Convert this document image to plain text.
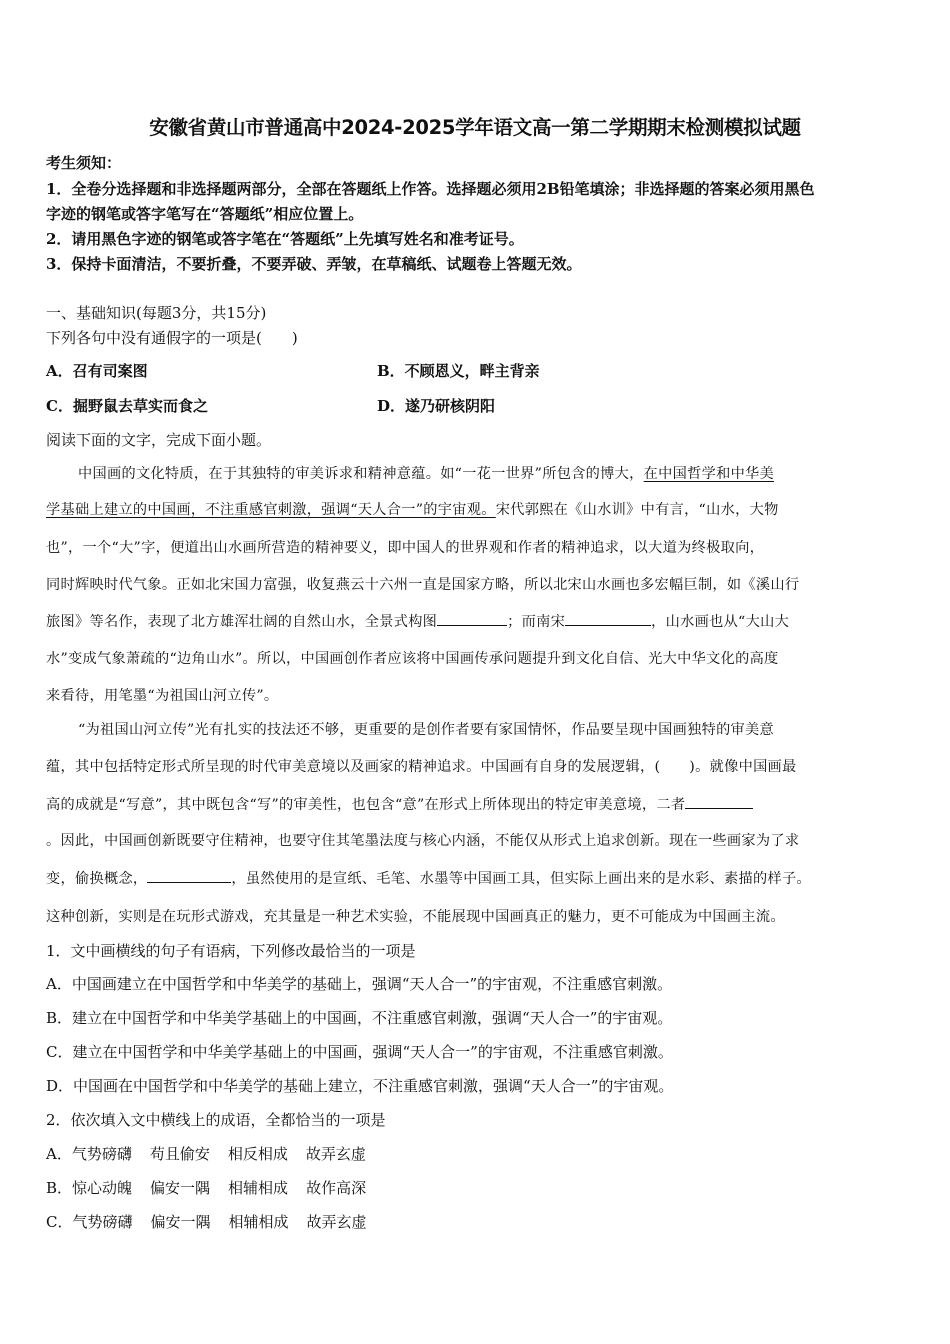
安徽省黄山市普通高中2024-2025学年语文高一第二学期期末检测模拟试题
考生须知：
1．全卷分选择题和非选择题两部分，全部在答题纸上作答。选择题必须用2B铅笔填涂；非选择题的答案必须用黑色
字迹的钢笔或答字笔写在“答题纸”相应位置上。
2．请用黑色字迹的钢笔或答字笔在“答题纸”上先填写姓名和准考证号。
3．保持卡面清洁，不要折叠，不要弄破、弄皱，在草稿纸、试题卷上答题无效。
一、基础知识(每题3分，共15分)
下列各句中没有通假字的一项是(　　)
A．召有司案图	B．不顾恩义，畔主背亲
C．掘野鼠去草实而食之	D．遂乃研核阴阳
阅读下面的文字，完成下面小题。
中国画的文化特质，在于其独特的审美诉求和精神意蕴。如“一花一世界”所包含的博大，在中国哲学和中华美
学基础上建立的中国画，不注重感官刺激，强调“天人合一”的宇宙观。宋代郭熙在《山水训》中有言，“山水，大物
也”，一个“大”字，便道出山水画所营造的精神要义，即中国人的世界观和作者的精神追求，以大道为终极取向，
同时辉映时代气象。正如北宋国力富强，收复燕云十六州一直是国家方略，所以北宋山水画也多宏幅巨制，如《溪山行
旅图》等名作，表现了北方雄浑壮阔的自然山水，全景式构图	；而南宋	，山水画也从“大山大
水”变成气象萧疏的“边角山水”。所以，中国画创作者应该将中国画传承问题提升到文化自信、光大中华文化的高度
来看待，用笔墨“为祖国山河立传”。
“为祖国山河立传”光有扎实的技法还不够，更重要的是创作者要有家国情怀，作品要呈现中国画独特的审美意
蕴，其中包括特定形式所呈现的时代审美意境以及画家的精神追求。中国画有自身的发展逻辑，(　　)。就像中国画最
高的成就是“写意”，其中既包含“写”的审美性，也包含“意”在形式上所体现出的特定审美意境，二者
。因此，中国画创新既要守住精神，也要守住其笔墨法度与核心内涵，不能仅从形式上追求创新。现在一些画家为了求
变，偷换概念，	，虽然使用的是宣纸、毛笔、水墨等中国画工具，但实际上画出来的是水彩、素描的样子。
这种创新，实则是在玩形式游戏，充其量是一种艺术实验，不能展现中国画真正的魅力，更不可能成为中国画主流。
1．文中画横线的句子有语病，下列修改最恰当的一项是
A．中国画建立在中国哲学和中华美学的基础上，强调“天人合一”的宇宙观，不注重感官刺激。
B．建立在中国哲学和中华美学基础上的中国画，不注重感官刺激，强调“天人合一”的宇宙观。
C．建立在中国哲学和中华美学基础上的中国画，强调“天人合一”的宇宙观，不注重感官刺激。
D．中国画在中国哲学和中华美学的基础上建立，不注重感官刺激，强调“天人合一”的宇宙观。
2．依次填入文中横线上的成语，全都恰当的一项是
A．气势磅礴 苟且偷安 相反相成 故弄玄虚
B．惊心动魄 偏安一隅 相辅相成 故作高深
C．气势磅礴 偏安一隅 相辅相成 故弄玄虚
